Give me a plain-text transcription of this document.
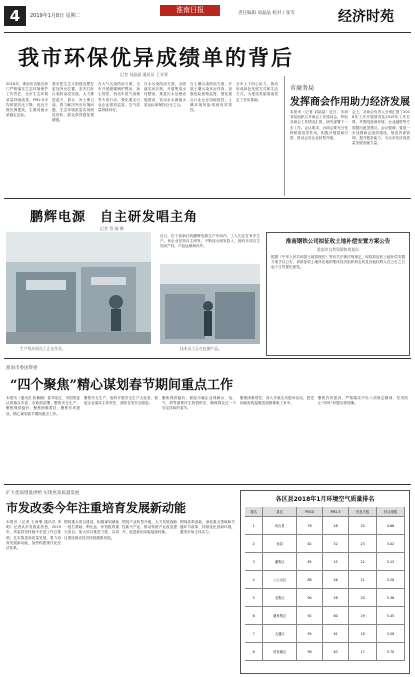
4	2019年1月8日 星期二
淮南日报	责任编辑 刘晶晶 校对 / 张雪	经济时苑
我市环保优异成绩单的背后
记者 刘晶晶 通讯员 王亚勇
2018年，淮南市各级各部门严格落实生态环境保护工作责任，全市生态环境质量持续改善，PM2.5平均浓度同比下降，优良天数比例提高，主要河流水质稳定达标。
我市把生态文明建设摆在更加突出位置，坚决打好污染防治攻坚战，大力推进蓝天、碧水、净土保卫战，着力解决突出环境问题，生态环境质量实现明显好转，群众获得感显著增强。
在大气污染防治方面，全市开展燃煤锅炉整治、扬尘管控、机动车尾气治理等专项行动，强化重点行业企业排放监管，空气质量持续向好。
在水污染防治方面，全面落实河长制，开展黑臭水体整治，推进污水处理设施建设，饮用水水源地水质达标率保持百分之百。
在土壤污染防治方面，开展土壤污染状况详查，加强危险废物监管，强化重点行业企业用地管控，土壤环境风险得到有效管控。
全市上下同心协力，推动形成绿色发展方式和生活方式，为建设美丽淮南奠定了坚实基础。
市商务局
发挥商会作用助力经济发展
本报讯（记者 刘晶晶）近日，市商务局组织召开商会工作座谈会，听取各商会工作情况汇报，研究部署下一步工作。会议要求，各商会要充分发挥桥梁纽带作用，积极开展招商引资，推动会员企业转型升级。
会上，各商会负责人分别汇报了2018年工作开展情况及2019年工作打算，并围绕营商环境、企业融资等方面提出意见建议。会议强调，要进一步加强商会组织建设，规范内部管理，提升服务能力，为全市经济高质量发展贡献力量。
鹏辉电源　自主研发唱主角
记者 蔡 刚 摄
生产线车间员工正在作业。	技术员工正在检测产品。
近日，位于高新区的鹏辉电源生产车间内，工人们正在有序生产。该企业坚持自主研发，不断加大研发投入，拥有多项自主知识产权，产品远销海内外。
淮南钢铁公司拟征收土地补偿安置方案公告
淮南市自然资源和规划局
根据《中华人民共和国土地管理法》等有关法律法规规定，现将拟征收土地补偿安置方案予以公告，请被征收土地所在地的集体经济组织和农民及其他权利人在公告之日起十日内提出意见。
淮南市委国资委
“四个聚焦”精心谋划春节期间重点工作
本报讯（通讯员 张楠楠）春节临近，市国资委认真落实市委、市政府部署，聚焦安全生产、聚焦保供稳价、聚焦困难帮扶、聚焦作风建设，精心谋划春节期间重点工作。
聚焦安全生产，组织开展安全生产大检查，督促企业落实主体责任，消除各类安全隐患。
聚焦保供稳价，督促市属企业保障水、电、气、热等重要民生物资供应，确保群众过一个安定祥和的春节。
聚焦困难帮扶，深入开展走访慰问活动，把党和政府的温暖送到困难职工家中。
聚焦作风建设，严格落实中央八项规定精神，坚决防止“四风”问题反弹回潮。
扩大优质增量供给 实现更高质量发展
市发改委今年注重培育发展新动能
本报讯（记者 王雨霏 通讯员 李明）记者从市发改委获悉，2019年，该委将坚持稳中求进工作总基调，扎实推进高质量发展，着力培育发展新动能，加快构建现代化经济体系。
围绕重大项目建设，积极谋划储备一批打基础、利长远、补短板的重大项目，加大项目推进力度，以项目建设推动经济持续健康发展。
围绕产业转型升级，大力发展战略性新兴产业，推动传统产业改造提升，促进新旧动能接续转换。
围绕改革创新，深化重点领域和关键环节改革，持续优化营商环境，激发市场主体活力。
各区县2018年1月环境空气质量排名
排名	县区	PM10	PM2.5	优良天数	综合指数
1	凤台县	78	48	25	4.86
2	寿县	82	52	23	5.02
3	潘集区	85	55	22	5.15
4	八公山区	88	56	21	5.28
5	毛集区	90	58	20	5.36
6	谢家集区	92	60	19	5.45
7	大通区	95	61	18	5.58
8	田家庵区	98	63	17	5.70
